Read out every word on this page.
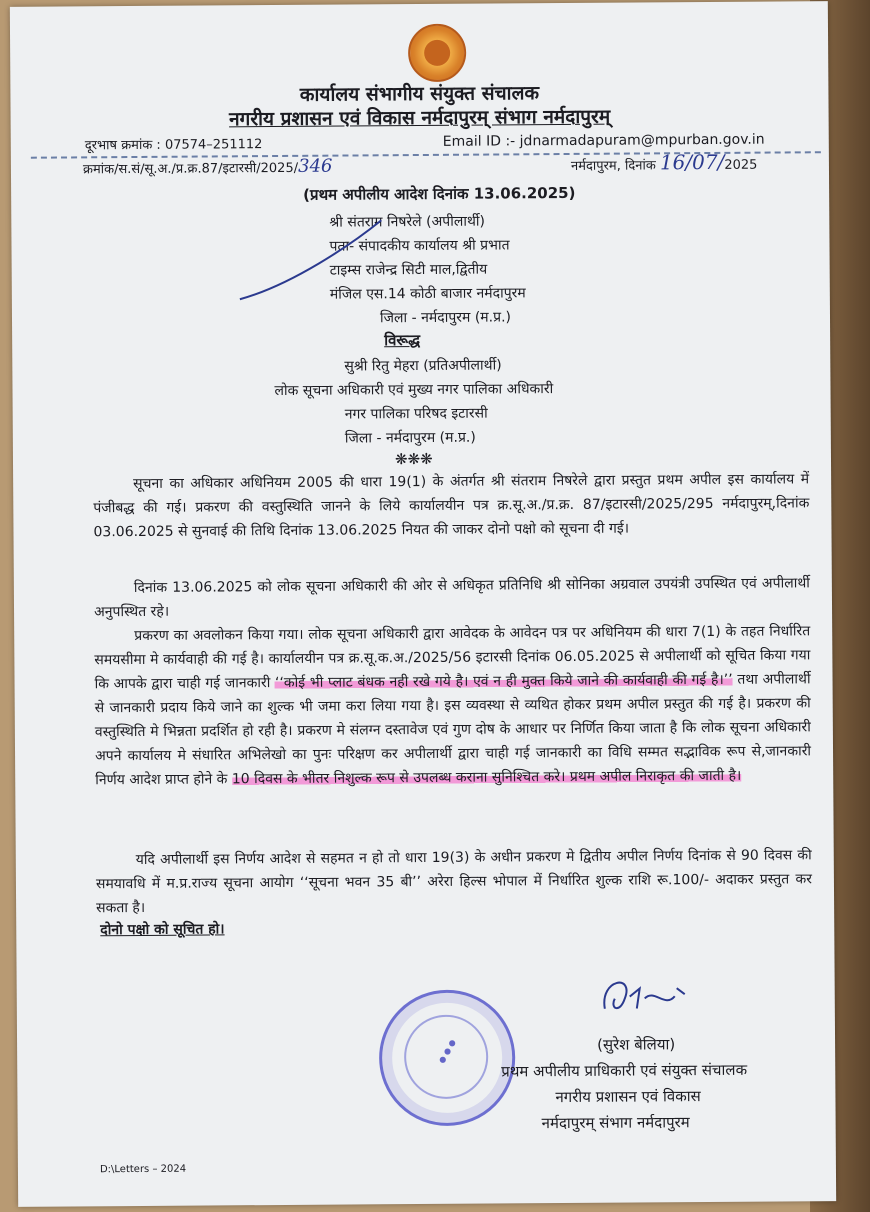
कार्यालय संभागीय संयुक्त संचालक
नगरीय प्रशासन एवं विकास नर्मदापुरम् संभाग नर्मदापुरम्
दूरभाष क्रमांक : 07574–251112	Email ID :- jdnarmadapuram@mpurban.gov.in
क्रमांक/स.सं/सू.अ./प्र.क्र.87/इटारसी/2025/346	नर्मदापुरम, दिनांक 16/07/2025
(प्रथम अपीलीय आदेश दिनांक 13.06.2025)
श्री संतराम निषरेले (अपीलार्थी)
पता- संपादकीय कार्यालय श्री प्रभात
टाइम्स राजेन्द्र सिटी माल,द्वितीय
मंजिल एस.14 कोठी बाजार नर्मदापुरम
जिला - नर्मदापुरम (म.प्र.)
विरूद्ध
सुश्री रितु मेहरा (प्रतिअपीलार्थी)
लोक सूचना अधिकारी एवं मुख्य नगर पालिका अधिकारी
नगर पालिका परिषद इटारसी
जिला - नर्मदापुरम (म.प्र.)
❋❋❋
सूचना का अधिकार अधिनियम 2005 की धारा 19(1) के अंतर्गत श्री संतराम निषरेले द्वारा प्रस्तुत प्रथम अपील इस कार्यालय में पंजीबद्ध की गई। प्रकरण की वस्तुस्थिति जानने के लिये कार्यालयीन पत्र क्र.सू.अ./प्र.क्र. 87/इटारसी/2025/295 नर्मदापुरम्,दिनांक 03.06.2025 से सुनवाई की तिथि दिनांक 13.06.2025 नियत की जाकर दोनो पक्षो को सूचना दी गई।
दिनांक 13.06.2025 को लोक सूचना अधिकारी की ओर से अधिकृत प्रतिनिधि श्री सोनिका अग्रवाल उपयंत्री उपस्थित एवं अपीलार्थी अनुपस्थित रहे।
प्रकरण का अवलोकन किया गया। लोक सूचना अधिकारी द्वारा आवेदक के आवेदन पत्र पर अधिनियम की धारा 7(1) के तहत निर्धारित समयसीमा मे कार्यवाही की गई है। कार्यालयीन पत्र क्र.सू.क.अ./2025/56 इटारसी दिनांक 06.05.2025 से अपीलार्थी को सूचित किया गया कि आपके द्वारा चाही गई जानकारी ‘‘कोई भी प्लाट बंधक नही रखे गये है। एवं न ही मुक्त किये जाने की कार्यवाही की गई है।’’ तथा अपीलार्थी से जानकारी प्रदाय किये जाने का शुल्क भी जमा करा लिया गया है। इस व्यवस्था से व्यथित होकर प्रथम अपील प्रस्तुत की गई है। प्रकरण की वस्तुस्थिति मे भिन्नता प्रदर्शित हो रही है। प्रकरण मे संलग्न दस्तावेज एवं गुण दोष के आधार पर निर्णित किया जाता है कि लोक सूचना अधिकारी अपने कार्यालय मे संधारित अभिलेखो का पुनः परिक्षण कर अपीलार्थी द्वारा चाही गई जानकारी का विधि सम्मत सद्भाविक रूप से,जानकारी निर्णय आदेश प्राप्त होने के 10 दिवस के भीतर निशुल्क रूप से उपलब्ध कराना सुनिश्चित करे। प्रथम अपील निराकृत की जाती है।
यदि अपीलार्थी इस निर्णय आदेश से सहमत न हो तो धारा 19(3) के अधीन प्रकरण मे द्वितीय अपील निर्णय दिनांक से 90 दिवस की समयावधि में म.प्र.राज्य सूचना आयोग ‘‘सूचना भवन 35 बी’’ अरेरा हिल्स भोपाल में निर्धारित शुल्क राशि रू.100/- अदाकर प्रस्तुत कर सकता है।
दोनो पक्षो को सूचित हो।
● ● ●	(सुरेश बेलिया)
प्रथम अपीलीय प्राधिकारी एवं संयुक्त संचालक
नगरीय प्रशासन एवं विकास
नर्मदापुरम् संभाग नर्मदापुरम
D:\Letters – 2024
